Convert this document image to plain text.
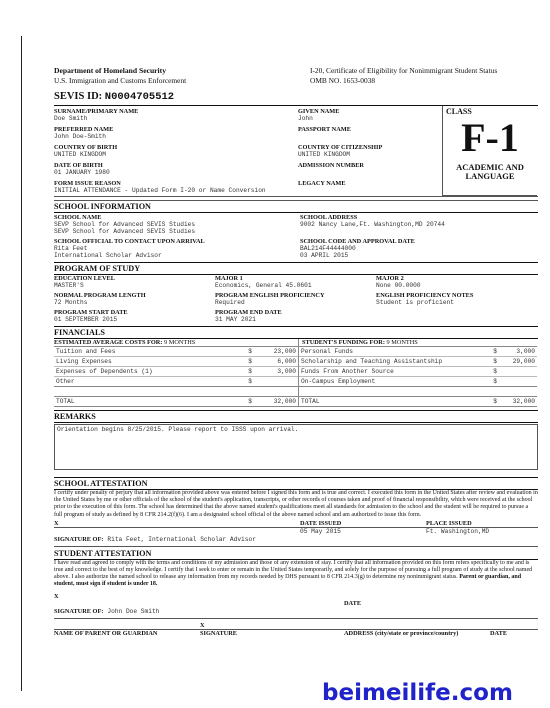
Department of Homeland Security
U.S. Immigration and Customs Enforcement
I-20, Certificate of Eligibility for Nonimmigrant Student Status
OMB NO. 1653-0038
SEVIS ID: N0004705512
SURNAME/PRIMARY NAME
Doe Smith
PREFERRED NAME
John Doe-Smith
COUNTRY OF BIRTH
UNITED KINGDOM
DATE OF BIRTH
01 JANUARY 1980
FORM ISSUE REASON
INITIAL ATTENDANCE - Updated Form I-20 or Name Conversion
GIVEN NAME
John
PASSPORT NAME
COUNTRY OF CITIZENSHIP
UNITED KINGDOM
ADMISSION NUMBER
LEGACY NAME
CLASS
F-1
ACADEMIC AND LANGUAGE
SCHOOL INFORMATION
SCHOOL NAME
SEVP School for Advanced SEVIS Studies
SEVP School for Advanced SEVIS Studies
SCHOOL OFFICIAL TO CONTACT UPON ARRIVAL
Rita Feet
International Scholar Advisor
SCHOOL ADDRESS
9002 Nancy Lane,Ft. Washington,MD 20744
SCHOOL CODE AND APPROVAL DATE
BAL214F44444000
03 APRIL 2015
PROGRAM OF STUDY
EDUCATION LEVEL
MASTER'S
MAJOR 1
Economics, General 45.0601
MAJOR 2
None 00.0000
NORMAL PROGRAM LENGTH
72 Months
PROGRAM ENGLISH PROFICIENCY
Required
ENGLISH PROFICIENCY NOTES
Student is proficient
PROGRAM START DATE
01 SEPTEMBER 2015
PROGRAM END DATE
31 MAY 2021
FINANCIALS
ESTIMATED AVERAGE COSTS FOR: 9 MONTHS
Tuition and Fees	$	23,000
Living Expenses	$	6,000
Expenses of Dependents (1)	$	3,000
Other	$	

TOTAL	$	32,000
STUDENT'S FUNDING FOR: 9 MONTHS
Personal Funds	$	3,000
Scholarship and Teaching Assistantship	$	29,000
Funds From Another Source	$	
On-Campus Employment	$	

TOTAL	$	32,000
REMARKS
Orientation begins 8/25/2015. Please report to ISSS upon arrival.
SCHOOL ATTESTATION
I certify under penalty of perjury that all information provided above was entered before I signed this form and is true and correct. I executed this form in the United States after review and evaluation in the United States by me or other officials of the school of the student's application, transcripts, or other records of courses taken and proof of financial responsibility, which were received at the school prior to the execution of this form. The school has determined that the above named student's qualifications meet all standards for admission to the school and the student will be required to pursue a full program of study as defined by 8 CFR 214.2(f)(6). I am a designated school official of the above named school and am authorized to issue this form.
X	DATE ISSUED	PLACE ISSUED
SIGNATURE OF: Rita Feet, International Scholar Advisor
05 May 2015	Ft. Washington,MD
STUDENT ATTESTATION
I have read and agreed to comply with the terms and conditions of my admission and those of any extension of stay. I certify that all information provided on this form refers specifically to me and is true and correct to the best of my knowledge. I certify that I seek to enter or remain in the United States temporarily, and solely for the purpose of pursuing a full program of study at the school named above. I also authorize the named school to release any information from my records needed by DHS pursuant to 8 CFR 214.3(g) to determine my nonimmigrant status. Parent or guardian, and student, must sign if student is under 18.
X
SIGNATURE OF: John Doe Smith
DATE
X
NAME OF PARENT OR GUARDIAN	SIGNATURE	ADDRESS (city/state or province/country)	DATE
beimeilife.com
